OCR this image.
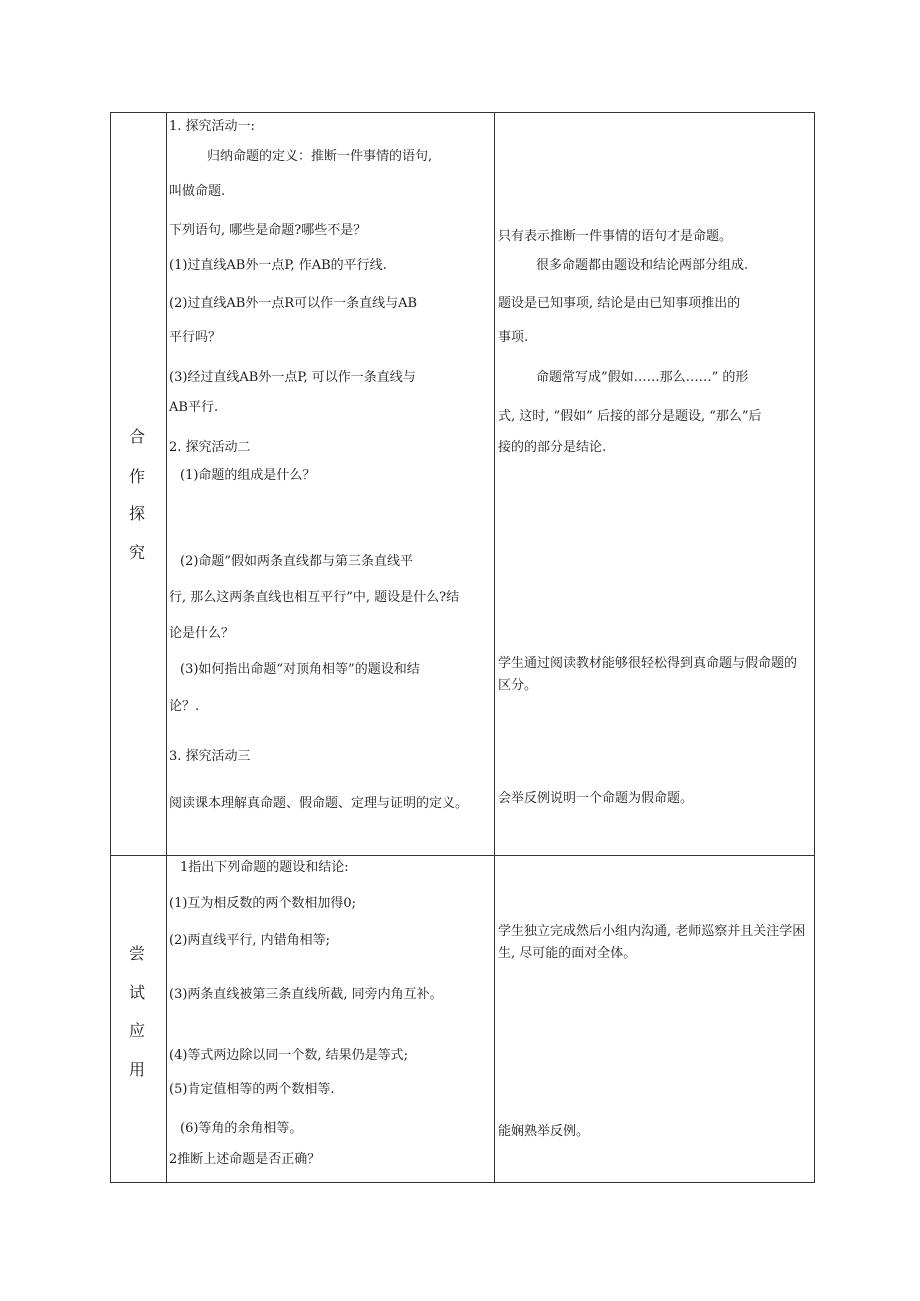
合
作
探
究
尝
试
应
用
1. 探究活动一:
归纳命题的定义：推断一件事情的语句,
叫做命题.
下列语句, 哪些是命题?哪些不是？
(1)过直线AB外一点P, 作AB的平行线.
(2)过直线AB外一点R可以作一条直线与AB
平行吗？
(3)经过直线AB外一点P, 可以作一条直线与
AB平行.
2. 探究活动二
(1)命题的组成是什么？
(2)命题”假如两条直线都与第三条直线平
行, 那么这两条直线也相互平行”中, 题设是什么?结
论是什么？
(3)如何指出命题“对顶角相等”的题设和结
论？.
3. 探究活动三
阅读课本理解真命题、假命题、定理与证明的定义。
只有表示推断一件事情的语句才是命题。
很多命题都由题设和结论两部分组成.
题设是已知事项, 结论是由已知事项推出的
事项.
命题常写成”假如……那么……” 的形
式, 这时, “假如” 后接的部分是题设, “那么”后
接的的部分是结论.
学生通过阅读教材能够很轻松得到真命题与假命题的区分。
会举反例说明一个命题为假命题。
1指出下列命题的题设和结论:
(1)互为相反数的两个数相加得0;
(2)两直线平行, 内错角相等;
(3)两条直线被第三条直线所截, 同旁内角互补。
(4)等式两边除以同一个数, 结果仍是等式;
(5)肯定值相等的两个数相等.
(6)等角的余角相等。
2推断上述命题是否正确？
学生独立完成然后小组内沟通, 老师巡察并且关注学困生, 尽可能的面对全体。
能娴熟举反例。
